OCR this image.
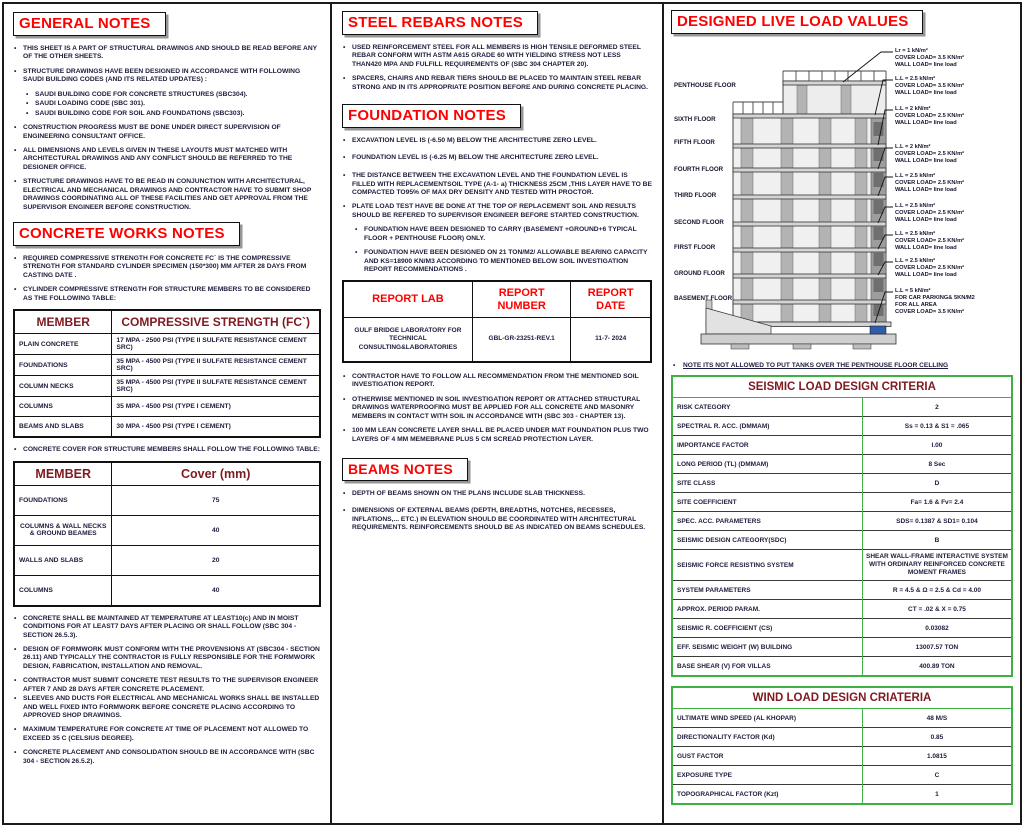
GENERAL NOTES
• THIS SHEET IS A PART OF STRUCTURAL DRAWINGS AND SHOULD BE READ BEFORE ANY OF THE OTHER SHEETS.
• STRUCTURE DRAWINGS HAVE BEEN DESIGNED IN ACCORDANCE WITH FOLLOWING SAUDI BUILDING CODES (AND ITS RELATED UPDATES) :
• SAUDI BUILDING CODE FOR CONCRETE STRUCTURES (SBC304).
• SAUDI LOADING CODE (SBC 301).
• SAUDI BUILDING CODE FOR SOIL AND FOUNDATIONS (SBC303).
• CONSTRUCTION PROGRESS MUST BE DONE UNDER DIRECT SUPERVISION OF ENGINEERING CONSULTANT OFFICE.
• ALL DIMENSIONS AND LEVELS GIVEN IN THESE LAYOUTS MUST MATCHED WITH ARCHITECTURAL DRAWINGS AND ANY CONFLICT SHOULD BE REFERRED TO THE DESIGNER OFFICE.
• STRUCTURE DRAWINGS HAVE TO BE READ IN CONJUNCTION WITH ARCHITECTURAL, ELECTRICAL AND MECHANICAL DRAWINGS AND CONTRACTOR HAVE TO SUBMIT SHOP DRAWINGS COORDINATING ALL OF THESE FACILITIES AND GET APPROVAL FROM THE SUPERVISOR ENGINEER BEFORE CONSTRUCTION.
CONCRETE WORKS NOTES
• REQUIRED COMPRESSIVE STRENGTH FOR CONCRETE FC` IS THE COMPRESSIVE STRENGTH FOR STANDARD CYLINDER SPECIMEN (150*300) MM AFTER 28 DAYS FROM CASTING DATE .
• CYLINDER COMPRESSIVE STRENGTH FOR STRUCTURE MEMBERS TO BE CONSIDERED AS THE FOLLOWING TABLE:
MEMBER	COMPRESSIVE STRENGTH (FC`)
PLAIN CONCRETE	17 MPA - 2500 PSI (TYPE II SULFATE RESISTANCE CEMENT SRC)
FOUNDATIONS	35 MPA - 4500 PSI (TYPE II SULFATE RESISTANCE CEMENT SRC)
COLUMN NECKS	35 MPA - 4500 PSI (TYPE II SULFATE RESISTANCE CEMENT SRC)
COLUMNS	35 MPA - 4500 PSI (TYPE I CEMENT)
BEAMS AND SLABS	30 MPA - 4500 PSI (TYPE I CEMENT)
• CONCRETE COVER FOR STRUCTURE MEMBERS SHALL FOLLOW THE FOLLOWING TABLE:
MEMBER	Cover (mm)
FOUNDATIONS	75
COLUMNS & WALL NECKS & GROUND BEAMES	40
WALLS AND SLABS	20
COLUMNS	40
• CONCRETE SHALL BE MAINTAINED AT TEMPERATURE AT LEAST10(c) AND IN MOIST CONDITIONS FOR AT LEAST7 DAYS AFTER PLACING OR SHALL FOLLOW (SBC 304 -SECTION 26.5.3).
• DESIGN OF FORMWORK MUST CONFORM WITH THE PROVENSIONS AT (SBC304 - SECTION 26.11) AND TYPICALLY THE CONTRACTOR IS FULLY RESPONSIBLE FOR THE FORMWORK DESIGN, FABRICATION, INSTALLATION AND REMOVAL.
• CONTRACTOR MUST SUBMIT CONCRETE TEST RESULTS TO THE SUPERVISOR ENGINEER AFTER 7 AND 28 DAYS AFTER CONCRETE PLACEMENT.
• SLEEVES AND DUCTS FOR ELECTRICAL AND MECHANICAL WORKS SHALL BE INSTALLED AND WELL FIXED INTO FORMWORK BEFORE CONCRETE PLACING ACCORDING TO APPROVED SHOP DRAWINGS.
• MAXIMUM TEMPERATURE FOR CONCRETE AT TIME OF PLACEMENT NOT ALLOWED TO EXCEED 35 C (CELSIUS DEGREE).
• CONCRETE PLACEMENT AND CONSOLIDATION SHOULD BE IN ACCORDANCE WITH (SBC 304 - SECTION 26.5.2).
STEEL REBARS NOTES
• USED REINFORCEMENT STEEL FOR ALL MEMBERS IS HIGH TENSILE DEFORMED STEEL REBAR CONFORM WITH ASTM A615 GRADE 60 WITH YIELDING STRESS NOT LESS THAN420 MPA AND FULFILL REQUIREMENTS OF (SBC 304 CHAPTER 20).
• SPACERS, CHAIRS AND REBAR TIERS SHOULD BE PLACED TO MAINTAIN STEEL REBAR STRONG AND IN ITS APPROPRIATE POSITION BEFORE AND DURING CONCRETE PLACING.
FOUNDATION NOTES
• EXCAVATION LEVEL IS (-6.50 M) BELOW THE ARCHITECTURE ZERO LEVEL.
• FOUNDATION LEVEL IS (-6.25 M) BELOW THE ARCHITECTURE ZERO LEVEL.
• THE DISTANCE BETWEEN THE EXCAVATION LEVEL AND THE FOUNDATION LEVEL IS FILLED WITH REPLACEMENTSOIL TYPE (A-1- a) THICKNESS 25CM ,THIS LAYER HAVE TO BE COMPACTED TO95% OF MAX DRY DENSITY AND TESTED WITH PROCTOR.
• PLATE LOAD TEST HAVE BE DONE AT THE TOP OF REPLACEMENT SOIL AND RESULTS SHOULD BE REFERED TO SUPERVISOR ENGINEER BEFORE STARTED CONSTRUCTION.
• FOUNDATION HAVE BEEN DESIGNED TO CARRY (BASEMENT +GROUND+6 TYPICAL FLOOR + PENTHOUSE FLOOR) ONLY.
• FOUNDATION HAVE BEEN DESIGNED ON 21 TON/M2/ ALLOWABLE BEARING CAPACITY AND KS=18900 KN/M3 ACCORDING TO MENTIONED BELOW SOIL INVESTIGATION REPORT RECOMMENDATIONS .
REPORT LAB	REPORT NUMBER	REPORT DATE
GULF BRIDGE LABORATORY FOR TECHNICAL CONSULTING&LABORATORIES	GBL-GR-23251-REV.1	11-7- 2024
• CONTRACTOR HAVE TO FOLLOW ALL RECOMMENDATION FROM THE MENTIONED SOIL INVESTIGATION REPORT.
• OTHERWISE MENTIONED IN SOIL INVESTIGATION REPORT OR ATTACHED STRUCTURAL DRAWINGS WATERPROOFING MUST BE APPLIED FOR ALL CONCRETE AND MASONRY MEMBERS IN CONTACT WITH SOIL IN ACCORDANCE WITH (SBC 303 - CHAPTER 13).
• 100 MM LEAN CONCRETE LAYER SHALL BE PLACED UNDER MAT FOUNDATION PLUS TWO LAYERS OF 4 MM MEMEBRANE PLUS 5 CM SCREAD PROTECTION LAYER.
BEAMS NOTES
• DEPTH OF BEAMS SHOWN ON THE PLANS INCLUDE SLAB THICKNESS.
• DIMENSIONS OF EXTERNAL BEAMS (DEPTH, BREADTHS, NOTCHES, RECESSES, INFLATIONS,... ETC.) IN ELEVATION SHOULD BE COORDINATED WITH ARCHITECTURAL REQUIREMENTS. REINFORCEMENTS SHOULD BE AS INDICATED ON BEAMS SCHEDULES.
DESIGNED LIVE LOAD VALUES
PENTHOUSE FLOOR
SIXTH FLOOR
FIFTH FLOOR
FOURTH FLOOR
THIRD FLOOR
SECOND FLOOR
FIRST FLOOR
GROUND FLOOR
BASEMENT FLOOR
Lr = 1 kN/m²
COVER LOAD= 3.5 KN/m²
WALL LOAD= line load
L.L = 2.5 kN/m²
COVER LOAD= 3.5 KN/m²
WALL LOAD= line load
L.L = 2 kN/m²
COVER LOAD= 2.5 KN/m²
WALL LOAD= line load
L.L = 2 kN/m²
COVER LOAD= 2.5 KN/m²
WALL LOAD= line load
L.L = 2.5 kN/m²
COVER LOAD= 2.5 KN/m²
WALL LOAD= line load
L.L = 2.5 kN/m²
COVER LOAD= 2.5 KN/m²
WALL LOAD= line load
L.L = 2.5 kN/m²
COVER LOAD= 2.5 KN/m²
WALL LOAD= line load
L.L = 2.5 kN/m²
COVER LOAD= 2.5 KN/m²
WALL LOAD= line load
L.L = 5 kN/m²
FOR CAR PARKING& 5KN/M2
FOR ALL AREA
COVER LOAD= 3.5 KN/m²
• NOTE ITS NOT ALLOWED TO PUT TANKS OVER THE PENTHOUSE FLOOR CELLING
SEISMIC LOAD DESIGN CRITERIA	
RISK CATEGORY	2
SPECTRAL R. ACC. (DMMAM)	Ss = 0.13 & S1 = .065
IMPORTANCE FACTOR	I.00
LONG PERIOD (TL) (DMMAM)	8 Sec
SITE CLASS	D
SITE COEFFICIENT	Fa= 1.6 & Fv= 2.4
SPEC. ACC. PARAMETERS	SDS= 0.1387 & SD1= 0.104
SEISMIC DESIGN CATEGORY(SDC)	B
SEISMIC FORCE RESISTING SYSTEM	SHEAR WALL-FRAME INTERACTIVE SYSTEM WITH ORDINARY REINFORCED CONCRETE MOMENT FRAMES
SYSTEM PARAMETERS	R = 4.5 & Ω = 2.5 & Cd = 4.00
APPROX. PERIOD PARAM.	CT = .02 & X = 0.75
SEISMIC R. COEFFICIENT (CS)	0.03082
EFF. SEISMIC WEIGHT (W) BUILDING	13007.57 TON
BASE SHEAR (V) FOR VILLAS	400.89 TON
WIND LOAD DESIGN CRIATERIA	
ULTIMATE WIND SPEED (AL KHOPAR)	48 M/S
DIRECTIONALITY FACTOR (Kd)	0.85
GUST FACTOR	1.0815
EXPOSURE TYPE	C
TOPOGRAPHICAL FACTOR (Kzt)	1
